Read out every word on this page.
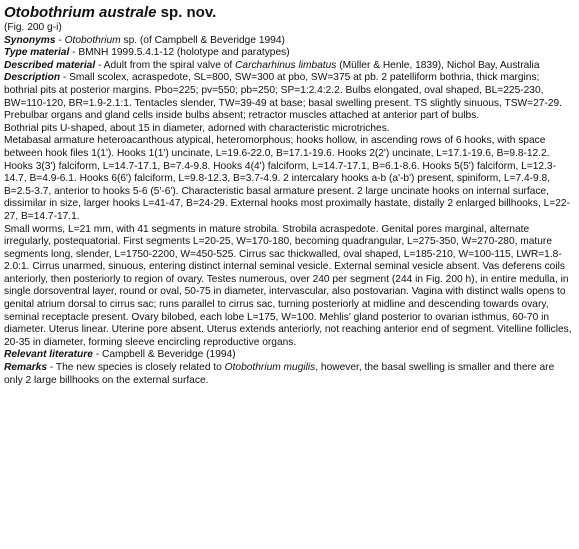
Otobothrium australe sp. nov.

(Fig. 200 g-i)

Synonyms - Otobothrium sp. (of Campbell & Beveridge 1994)

Type material - BMNH 1999.5.4.1-12 (holotype and paratypes)

Described material - Adult from the spiral valve of Carcharhinus limbatus (Müller & Henle, 1839), Nichol Bay, Australia

Description - Small scolex, acraspedote, SL=800, SW=300 at pbo, SW=375 at pb. 2 patelliform bothria, thick margins; bothrial pits at posterior margins. Pbo=225; pv=550; pb=250; SP=1:2.4:2.2. Bulbs elongated, oval shaped, BL=225-230, BW=110-120, BR=1.9-2.1:1. Tentacles slender, TW=39-49 at base; basal swelling present. TS slightly sinuous, TSW=27-29. Prebulbar organs and gland cells inside bulbs absent; retractor muscles attached at anterior part of bulbs.

Bothrial pits U-shaped, about 15 in diameter, adorned with characteristic microtriches.

Metabasal armature heteroacanthous atypical, heteromorphous; hooks hollow, in ascending rows of 6 hooks, with space between hook files 1(1'). Hooks 1(1') uncinate, L=19.6-22.0, B=17.1-19.6. Hooks 2(2') uncinate, L=17.1-19.6, B=9.8-12.2. Hooks 3(3') falciform, L=14.7-17.1, B=7.4-9.8. Hooks 4(4') falciform, L=14.7-17.1, B=6.1-8.6. Hooks 5(5') falciform, L=12.3-14.7, B=4.9-6.1. Hooks 6(6') falciform, L=9.8-12.3, B=3.7-4.9. 2 intercalary hooks a-b (a'-b') present, spiniform, L=7.4-9.8, B=2.5-3.7, anterior to hooks 5-6 (5'-6'). Characteristic basal armature present. 2 large uncinate hooks on internal surface, dissimilar in size, larger hooks L=41-47, B=24-29. External hooks most proximally hastate, distally 2 enlarged billhooks, L=22-27, B=14.7-17.1.

Small worms, L=21 mm, with 41 segments in mature strobila. Strobila acraspedote. Genital pores marginal, alternate irregularly, postequatorial. First segments L=20-25, W=170-180, becoming quadrangular, L=275-350, W=270-280, mature segments long, slender, L=1750-2200, W=450-525. Cirrus sac thickwalled, oval shaped, L=185-210, W=100-115, LWR=1.8-2.0:1. Cirrus unarmed, sinuous, entering distinct internal seminal vesicle. External seminal vesicle absent. Vas deferens coils anteriorly, then posteriorly to region of ovary. Testes numerous, over 240 per segment (244 in Fig. 200 h), in entire medulla, in single dorsoventral layer, round or oval, 50-75 in diameter, intervascular, also postovarian. Vagina with distinct walls opens to genital atrium dorsal to cirrus sac; runs parallel to cirrus sac, turning posteriorly at midline and descending towards ovary, seminal receptacle present. Ovary bilobed, each lobe L=175, W=100. Mehlis' gland posterior to ovarian isthmus, 60-70 in diameter. Uterus linear. Uterine pore absent. Uterus extends anteriorly, not reaching anterior end of segment. Vitelline follicles, 20-35 in diameter, forming sleeve encircling reproductive organs.

Relevant literature - Campbell & Beveridge (1994)

Remarks - The new species is closely related to Otobothrium mugilis, however, the basal swelling is smaller and there are only 2 large billhooks on the external surface.
